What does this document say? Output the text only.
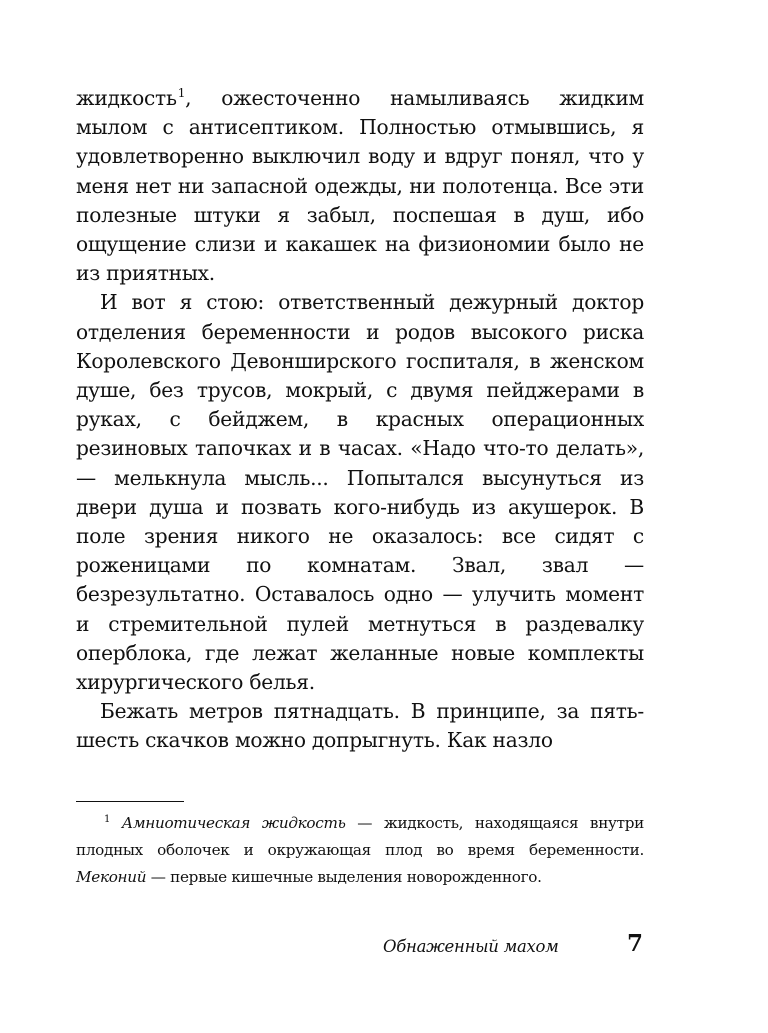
жидкость$^1$, ожесточенно намыливаясь жидким мылом с антисептиком. Полностью отмывшись, я удовлетворенно выключил воду и вдруг понял, что у меня нет ни запасной одежды, ни полотенца. Все эти полезные штуки я забыл, поспешая в душ, ибо ощущение слизи и какашек на физиономии было не из приятных.

И вот я стою: ответственный дежурный доктор отделения беременности и родов высокого риска Королевского Девонширского госпиталя, в женском душе, без трусов, мокрый, с двумя пейджерами в руках, с бейджем, в красных операционных резиновых тапочках и в часах. «Надо что-то делать»,— мелькнула мысль... Попытался высунуться из двери душа и позвать кого-нибудь из акушерок. В поле зрения никого не оказалось: все сидят с роженицами по комнатам. Звал, звал — безрезультатно. Оставалось одно — улучить момент и стремительной пулей метнуться в раздевалку оперблока, где лежат желанные новые комплекты хирургического белья.

Бежать метров пятнадцать. В принципе, за пять-шесть скачков можно допрыгнуть. Как назло

$^1$ Амниотическая жидкость — жидкость, находящаяся внутри плодных оболочек и окружающая плод во время беременности. Меконий — первые кишечные выделения новорожденного.
Обнаженный махом	7
